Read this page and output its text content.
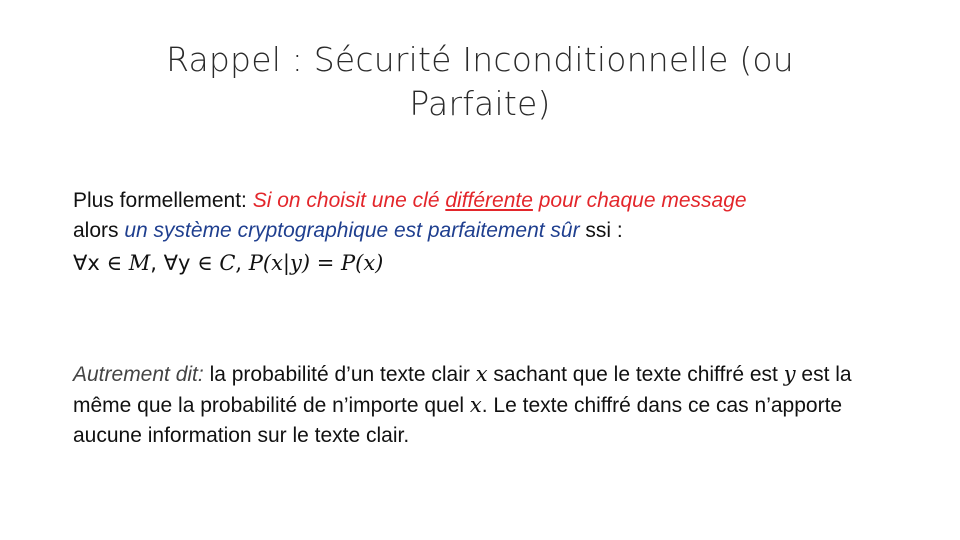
Rappel : Sécurité Inconditionnelle (ou
Parfaite)

Plus formellement: Si on choisit une clé différente pour chaque message
alors un système cryptographique est parfaitement sûr ssi :

∀x ∈ M, ∀y ∈ C, P(x|y) = P(x)

Autrement dit: la probabilité d’un texte clair x sachant que le texte chiffré est y est la même que la probabilité de n’importe quel x. Le texte chiffré dans ce cas n’apporte aucune information sur le texte clair.
